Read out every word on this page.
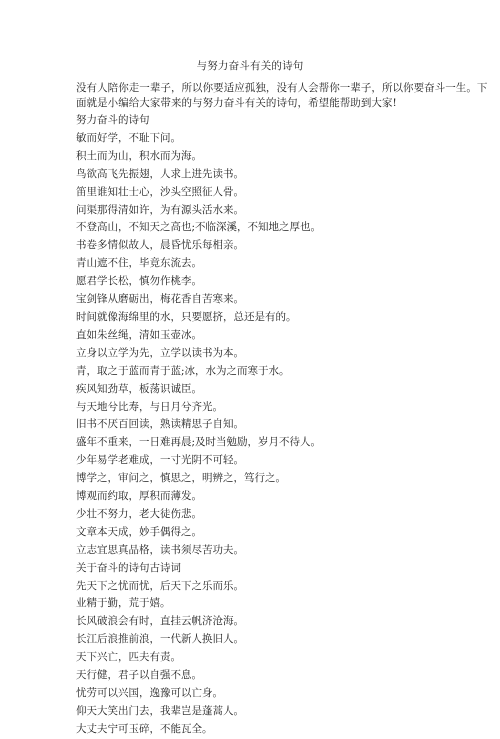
与努力奋斗有关的诗句
没有人陪你走一辈子，所以你要适应孤独，没有人会帮你一辈子，所以你要奋斗一生。下
面就是小编给大家带来的与努力奋斗有关的诗句，希望能帮助到大家!
努力奋斗的诗句
敏而好学，不耻下问。
积土而为山，积水而为海。
鸟欲高飞先振翅，人求上进先读书。
笛里谁知壮士心，沙头空照征人骨。
问渠那得清如许，为有源头活水来。
不登高山，不知天之高也;不临深溪，不知地之厚也。
书卷多情似故人，晨昏忧乐每相亲。
青山遮不住，毕竟东流去。
愿君学长松，慎勿作桃李。
宝剑锋从磨砺出，梅花香自苦寒来。
时间就像海绵里的水，只要愿挤，总还是有的。
直如朱丝绳，清如玉壶冰。
立身以立学为先，立学以读书为本。
青，取之于蓝而青于蓝;冰，水为之而寒于水。
疾风知劲草，板荡识诚臣。
与天地兮比寿，与日月兮齐光。
旧书不厌百回读，熟读精思子自知。
盛年不重来，一日难再晨;及时当勉励，岁月不待人。
少年易学老难成，一寸光阴不可轻。
博学之，审问之，慎思之，明辨之，笃行之。
博观而约取，厚积而薄发。
少壮不努力，老大徒伤悲。
文章本天成，妙手偶得之。
立志宜思真品格，读书须尽苦功夫。
关于奋斗的诗句古诗词
先天下之忧而忧，后天下之乐而乐。
业精于勤，荒于嬉。
长风破浪会有时，直挂云帆济沧海。
长江后浪推前浪，一代新人换旧人。
天下兴亡，匹夫有责。
天行健，君子以自强不息。
忧劳可以兴国，逸豫可以亡身。
仰天大笑出门去，我辈岂是蓬蒿人。
大丈夫宁可玉碎，不能瓦全。
